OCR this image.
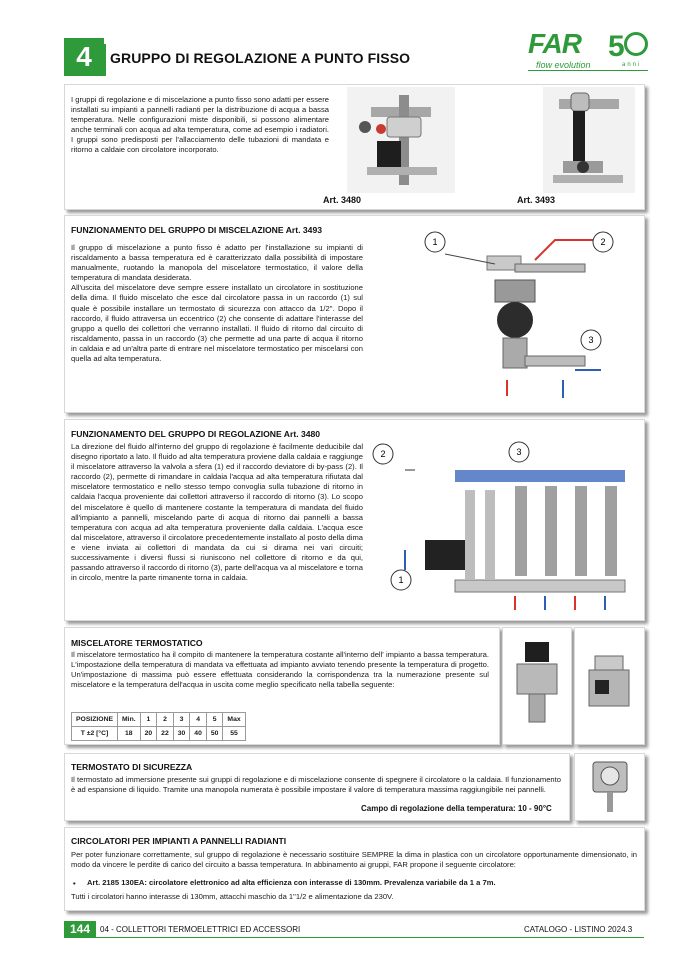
4	GRUPPO DI REGOLAZIONE A PUNTO FISSO	FAR 5
flow evolution	anni
I gruppi di regolazione e di miscelazione a punto fisso sono adatti per essere installati su impianti a pannelli radianti per la distribuzione di acqua a bassa temperatura. Nelle configurazioni miste disponibili, si possono alimentare anche terminali con acqua ad alta temperatura, come ad esempio i radiatori. I gruppi sono predisposti per l'allacciamento delle tubazioni di mandata e ritorno a caldaie con circolatore incorporato.
Art. 3480	Art. 3493
FUNZIONAMENTO DEL GRUPPO DI MISCELAZIONE Art. 3493

Il gruppo di miscelazione a punto fisso è adatto per l'installazione su impianti di riscaldamento a bassa temperatura ed è caratterizzato dalla possibilità di impostare manualmente, ruotando la manopola del miscelatore termostatico, il valore della temperatura di mandata desiderata.

All'uscita del miscelatore deve sempre essere installato un circolatore in sostituzione della dima. Il fluido miscelato che esce dal circolatore passa in un raccordo (1) sul quale è possibile installare un termostato di sicurezza con attacco da 1/2". Dopo il raccordo, il fluido attraversa un eccentrico (2) che consente di adattare l'interasse del gruppo a quello dei collettori che verranno installati. Il fluido di ritorno dal circuito di riscaldamento, passa in un raccordo (3) che permette ad una parte di acqua il ritorno in caldaia e ad un'altra parte di entrare nel miscelatore termostatico per miscelarsi con quella ad alta temperatura.

1	2
3
FUNZIONAMENTO DEL GRUPPO DI REGOLAZIONE Art. 3480
La direzione del fluido all'interno del gruppo di regolazione è facilmente deducibile dal disegno riportato a lato. Il fluido ad alta temperatura proviene dalla caldaia e raggiunge il miscelatore attraverso la valvola a sfera (1) ed il raccordo deviatore di by-pass (2). Il raccordo (2), permette di rimandare in caldaia l'acqua ad alta temperatura rifiutata dal miscelatore termostatico e nello stesso tempo convoglia sulla tubazione di ritorno in caldaia l'acqua proveniente dai collettori attraverso il raccordo di ritorno (3). Lo scopo del miscelatore è quello di mantenere costante la temperatura di mandata del fluido all'impianto a pannelli, miscelando parte di acqua di ritorno dai pannelli a bassa temperatura con acqua ad alta temperatura proveniente dalla caldaia. L'acqua esce dal miscelatore, attraverso il circolatore precedentemente installato al posto della dima e viene inviata ai collettori di mandata da cui si dirama nei vari circuiti; successivamente i diversi flussi si riuniscono nel collettore di ritorno e da qui, passando attraverso il raccordo di ritorno (3), parte dell'acqua va al miscelatore e torna in circolo, mentre la parte rimanente torna in caldaia.
2	3
1
MISCELATORE TERMOSTATICO
Il miscelatore termostatico ha il compito di mantenere la temperatura costante all'interno dell' impianto a bassa temperatura. L'impostazione della temperatura di mandata va effettuata ad impianto avviato tenendo presente la temperatura di progetto. Un'impostazione di massima può essere effettuata considerando la corrispondenza tra la numerazione presente sul miscelatore e la temperatura dell'acqua in uscita come meglio specificato nella tabella seguente:
POSIZIONE	Min.	1	2	3	4	5	Max
T ±2 [°C]	18	20	22	30	40	50	55
TERMOSTATO DI SICUREZZA
Il termostato ad immersione presente sui gruppi di regolazione e di miscelazione consente di spegnere il circolatore o la caldaia. Il funzionamento è ad espansione di liquido. Tramite una manopola numerata è possibile impostare il valore di temperatura massima raggiungibile nei pannelli.
Campo di regolazione della temperatura: 10 - 90°C
CIRCOLATORI PER IMPIANTI A PANNELLI RADIANTI
Per poter funzionare correttamente, sul gruppo di regolazione è necessario sostituire SEMPRE la dima in plastica con un circolatore opportunamente dimensionato, in modo da vincere le perdite di carico del circuito a bassa temperatura. In abbinamento ai gruppi, FAR propone il seguente circolatore:
• Art. 2185 130EA: circolatore elettronico ad alta efficienza con interasse di 130mm. Prevalenza variabile da 1 a 7m.
Tutti i circolatori hanno interasse di 130mm, attacchi maschio da 1"1/2 e alimentazione da 230V.
144	04 - COLLETTORI TERMOELETTRICI ED ACCESSORI	CATALOGO - LISTINO 2024.3
